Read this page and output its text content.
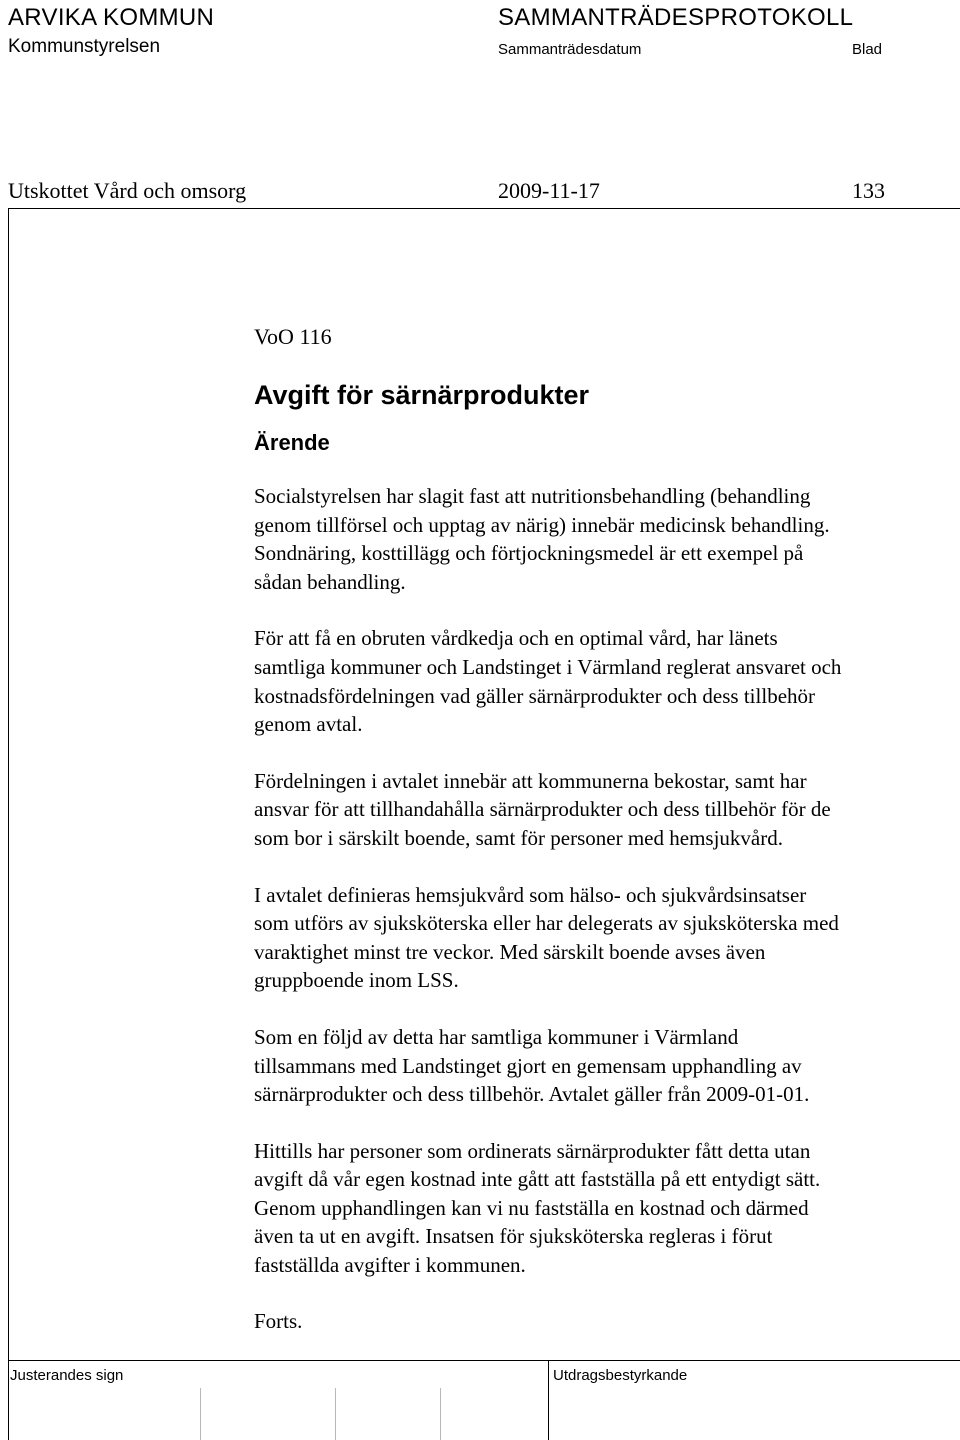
ARVIKA KOMMUN
Kommunstyrelsen
SAMMANTRÄDESPROTOKOLL
Sammanträdesdatum	Blad
Utskottet Vård och omsorg	2009-11-17	133

VoO 116

Avgift för särnärprodukter
Ärende

Socialstyrelsen har slagit fast att nutritionsbehandling (behandling
genom tillförsel och upptag av närig) innebär medicinsk behandling.
Sondnäring, kosttillägg och förtjockningsmedel är ett exempel på
sådan behandling.

För att få en obruten vårdkedja och en optimal vård, har länets
samtliga kommuner och Landstinget i Värmland reglerat ansvaret och
kostnadsfördelningen vad gäller särnärprodukter och dess tillbehör
genom avtal.

Fördelningen i avtalet innebär att kommunerna bekostar, samt har
ansvar för att tillhandahålla särnärprodukter och dess tillbehör för de
som bor i särskilt boende, samt för personer med hemsjukvård.

I avtalet definieras hemsjukvård som hälso- och sjukvårdsinsatser
som utförs av sjuksköterska eller har delegerats av sjuksköterska med
varaktighet minst tre veckor. Med särskilt boende avses även
gruppboende inom LSS.

Som en följd av detta har samtliga kommuner i Värmland
tillsammans med Landstinget gjort en gemensam upphandling av
särnärprodukter och dess tillbehör. Avtalet gäller från 2009-01-01.

Hittills har personer som ordinerats särnärprodukter fått detta utan
avgift då vår egen kostnad inte gått att fastställa på ett entydigt sätt.
Genom upphandlingen kan vi nu fastställa en kostnad och därmed
även ta ut en avgift. Insatsen för sjuksköterska regleras i förut
fastställda avgifter i kommunen.

Forts.

Justerandes sign	Utdragsbestyrkande
